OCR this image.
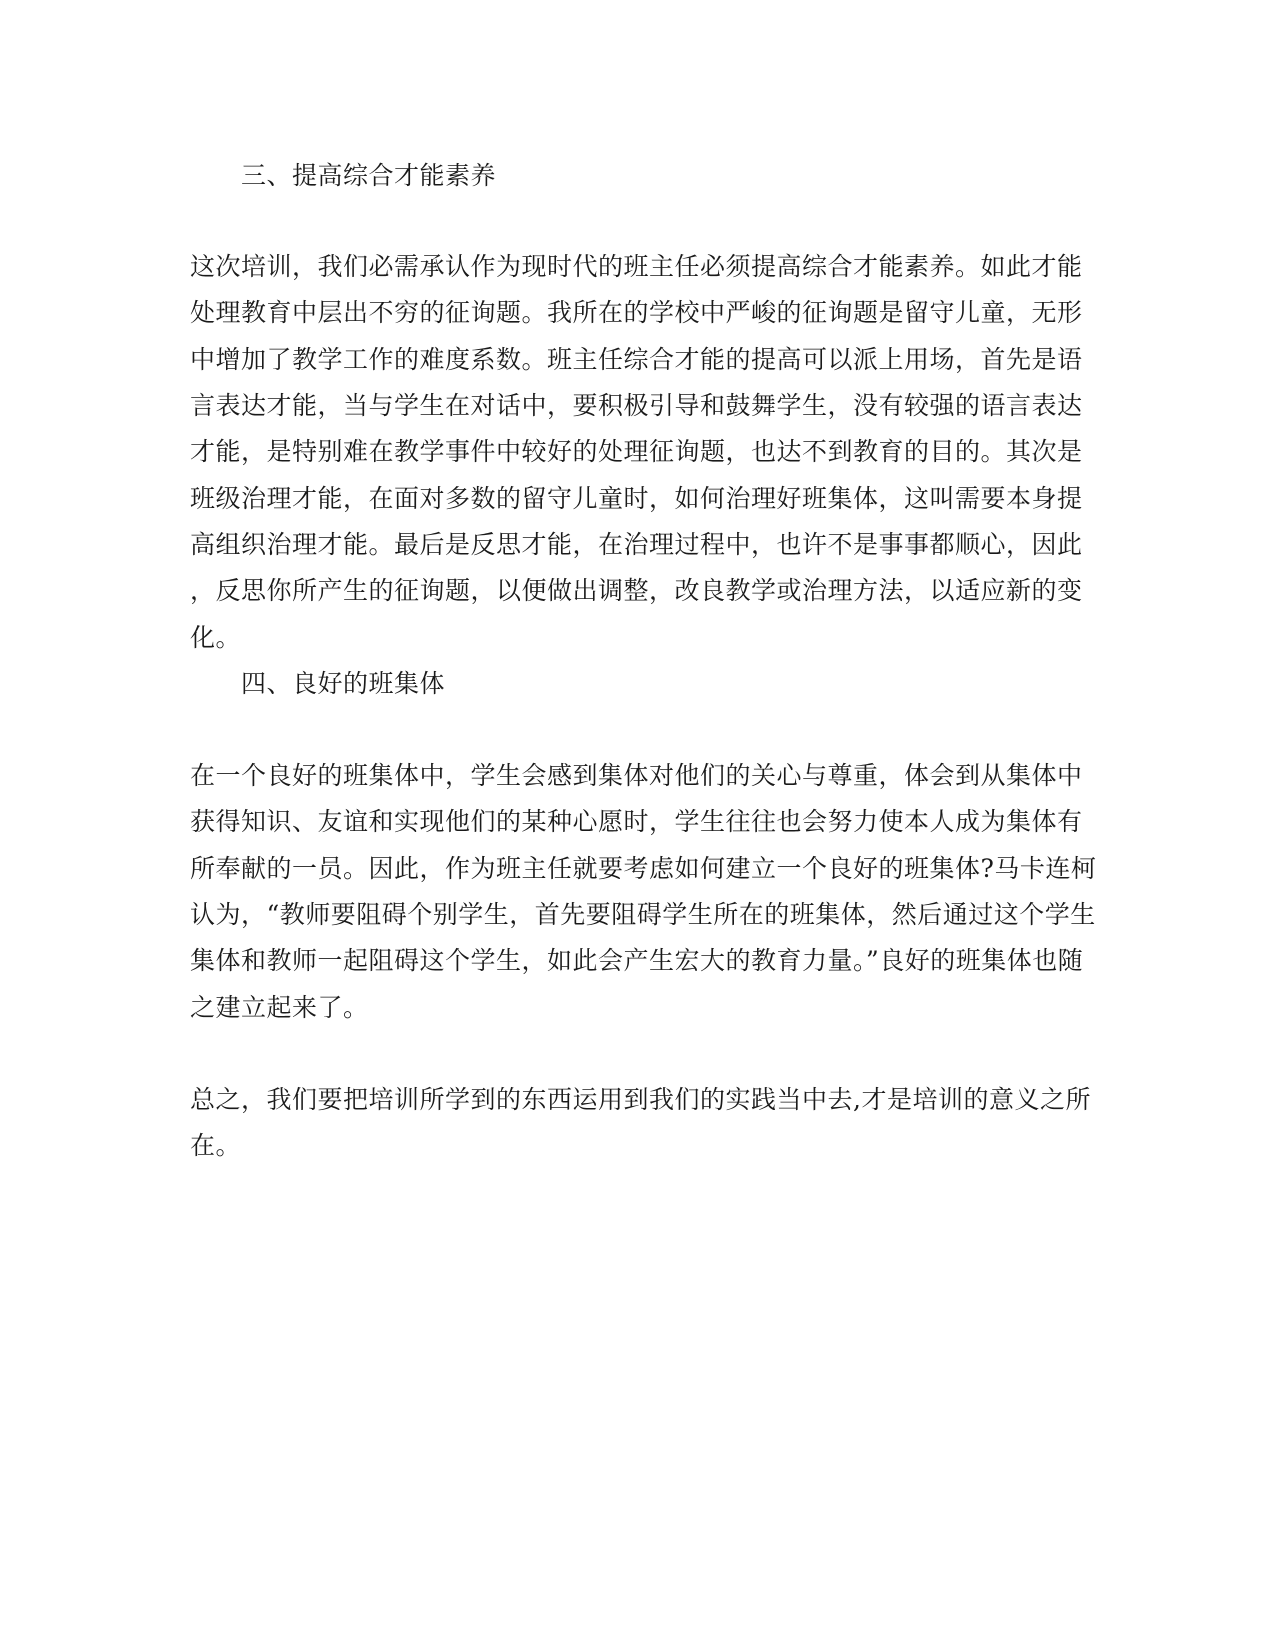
三、提高综合才能素养
这次培训，我们必需承认作为现时代的班主任必须提高综合才能素养。如此才能
处理教育中层出不穷的征询题。我所在的学校中严峻的征询题是留守儿童，无形
中增加了教学工作的难度系数。班主任综合才能的提高可以派上用场，首先是语
言表达才能，当与学生在对话中，要积极引导和鼓舞学生，没有较强的语言表达
才能，是特别难在教学事件中较好的处理征询题，也达不到教育的目的。其次是
班级治理才能，在面对多数的留守儿童时，如何治理好班集体，这叫需要本身提
高组织治理才能。最后是反思才能，在治理过程中，也许不是事事都顺心，因此
，反思你所产生的征询题，以便做出调整，改良教学或治理方法，以适应新的变
化。
四、良好的班集体
在一个良好的班集体中，学生会感到集体对他们的关心与尊重，体会到从集体中
获得知识、友谊和实现他们的某种心愿时，学生往往也会努力使本人成为集体有
所奉献的一员。因此，作为班主任就要考虑如何建立一个良好的班集体?马卡连柯
认为，“教师要阻碍个别学生，首先要阻碍学生所在的班集体，然后通过这个学生
集体和教师一起阻碍这个学生，如此会产生宏大的教育力量。”良好的班集体也随
之建立起来了。
总之，我们要把培训所学到的东西运用到我们的实践当中去,才是培训的意义之所
在。
